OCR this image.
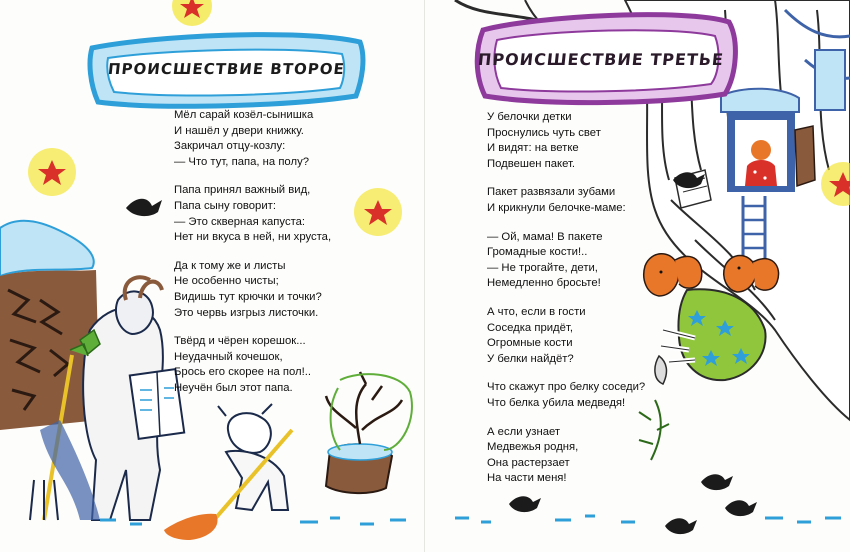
ПРОИСШЕСТВИЕ ВТОРОЕ
Мёл сарай козёл-сынишка
И нашёл у двери книжку.
Закричал отцу-козлу:
— Что тут, папа, на полу?
Папа принял важный вид,
Папа сыну говорит:
— Это скверная капуста:
Нет ни вкуса в ней, ни хруста,
Да к тому же и листы
Не особенно чисты;
Видишь тут крючки и точки?
Это червь изгрыз листочки.
Твёрд и чёрен корешок...
Неудачный кочешок,
Брось его скорее на пол!..
Неучён был этот папа.
ПРОИСШЕСТВИЕ ТРЕТЬЕ
У белочки детки
Проснулись чуть свет
И видят: на ветке
Подвешен пакет.
Пакет развязали зубами
И крикнули белочке-маме:
— Ой, мама! В пакете
Громадные кости!..
— Не трогайте, дети,
Немедленно бросьте!
А что, если в гости
Соседка придёт,
Огромные кости
У белки найдёт?
Что скажут про белку соседи?
Что белка убила медведя!
А если узнает
Медвежья родня,
Она растерзает
На части меня!
